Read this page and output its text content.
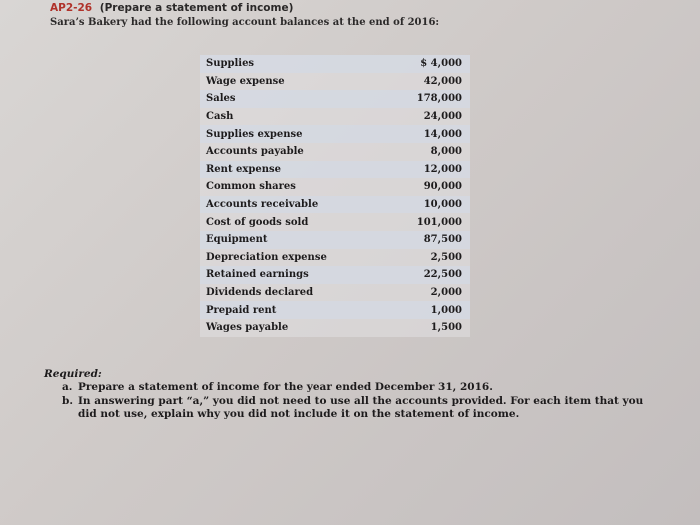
AP2-26 (Prepare a statement of income)
Sara’s Bakery had the following account balances at the end of 2016:
Supplies	$ 4,000
Wage expense	42,000
Sales	178,000
Cash	24,000
Supplies expense	14,000
Accounts payable	8,000
Rent expense	12,000
Common shares	90,000
Accounts receivable	10,000
Cost of goods sold	101,000
Equipment	87,500
Depreciation expense	2,500
Retained earnings	22,500
Dividends declared	2,000
Prepaid rent	1,000
Wages payable	1,500
Required:
a. Prepare a statement of income for the year ended December 31, 2016.
b. In answering part “a,” you did not need to use all the accounts provided. For each item that you did not use, explain why you did not include it on the statement of income.
